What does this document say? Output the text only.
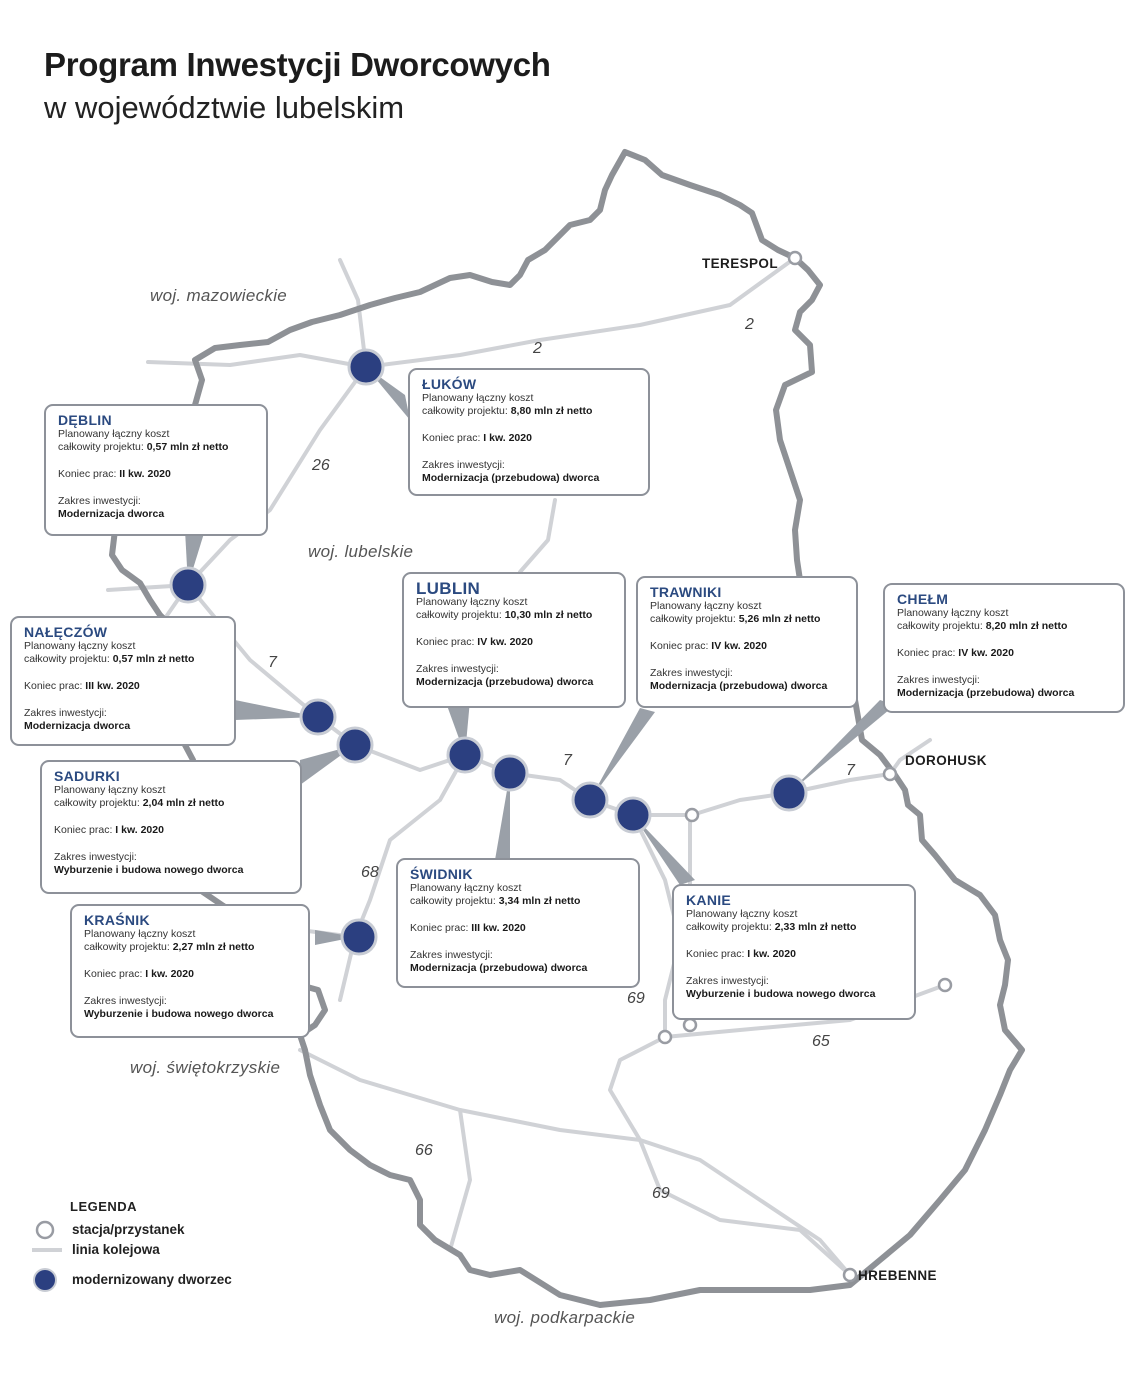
Program Inwestycji Dworcowych
w województwie lubelskim
woj. mazowieckie
woj. lubelskie
woj. świętokrzyskie
woj. podkarpackie
2
2
26
7
7
7
68
69
65
66
69
TERESPOL
DOROHUSK
HREBENNE
ŁUKÓW
Planowany łączny koszt
całkowity projektu: 8,80 mln zł netto
Koniec prac: I kw. 2020
Zakres inwestycji:
Modernizacja (przebudowa) dworca
DĘBLIN
Planowany łączny koszt
całkowity projektu: 0,57 mln zł netto
Koniec prac: II kw. 2020
Zakres inwestycji:
Modernizacja dworca
NAŁĘCZÓW
Planowany łączny koszt
całkowity projektu: 0,57 mln zł netto
Koniec prac: III kw. 2020
Zakres inwestycji:
Modernizacja dworca
LUBLIN
Planowany łączny koszt
całkowity projektu: 10,30 mln zł netto
Koniec prac: IV kw. 2020
Zakres inwestycji:
Modernizacja (przebudowa) dworca
TRAWNIKI
Planowany łączny koszt
całkowity projektu: 5,26 mln zł netto
Koniec prac: IV kw. 2020
Zakres inwestycji:
Modernizacja (przebudowa) dworca
CHEŁM
Planowany łączny koszt
całkowity projektu: 8,20 mln zł netto
Koniec prac: IV kw. 2020
Zakres inwestycji:
Modernizacja (przebudowa) dworca
SADURKI
Planowany łączny koszt
całkowity projektu: 2,04 mln zł netto
Koniec prac: I kw. 2020
Zakres inwestycji:
Wyburzenie i budowa nowego dworca	ŚWIDNIK
Planowany łączny koszt
całkowity projektu: 3,34 mln zł netto
Koniec prac: III kw. 2020
Zakres inwestycji:
Modernizacja (przebudowa) dworca
KRAŚNIK
Planowany łączny koszt
całkowity projektu: 2,27 mln zł netto
Koniec prac: I kw. 2020
Zakres inwestycji:
Wyburzenie i budowa nowego dworca
KANIE
Planowany łączny koszt
całkowity projektu: 2,33 mln zł netto
Koniec prac: I kw. 2020
Zakres inwestycji:
Wyburzenie i budowa nowego dworca
LEGENDA
stacja/przystanek
linia kolejowa
modernizowany dworzec
